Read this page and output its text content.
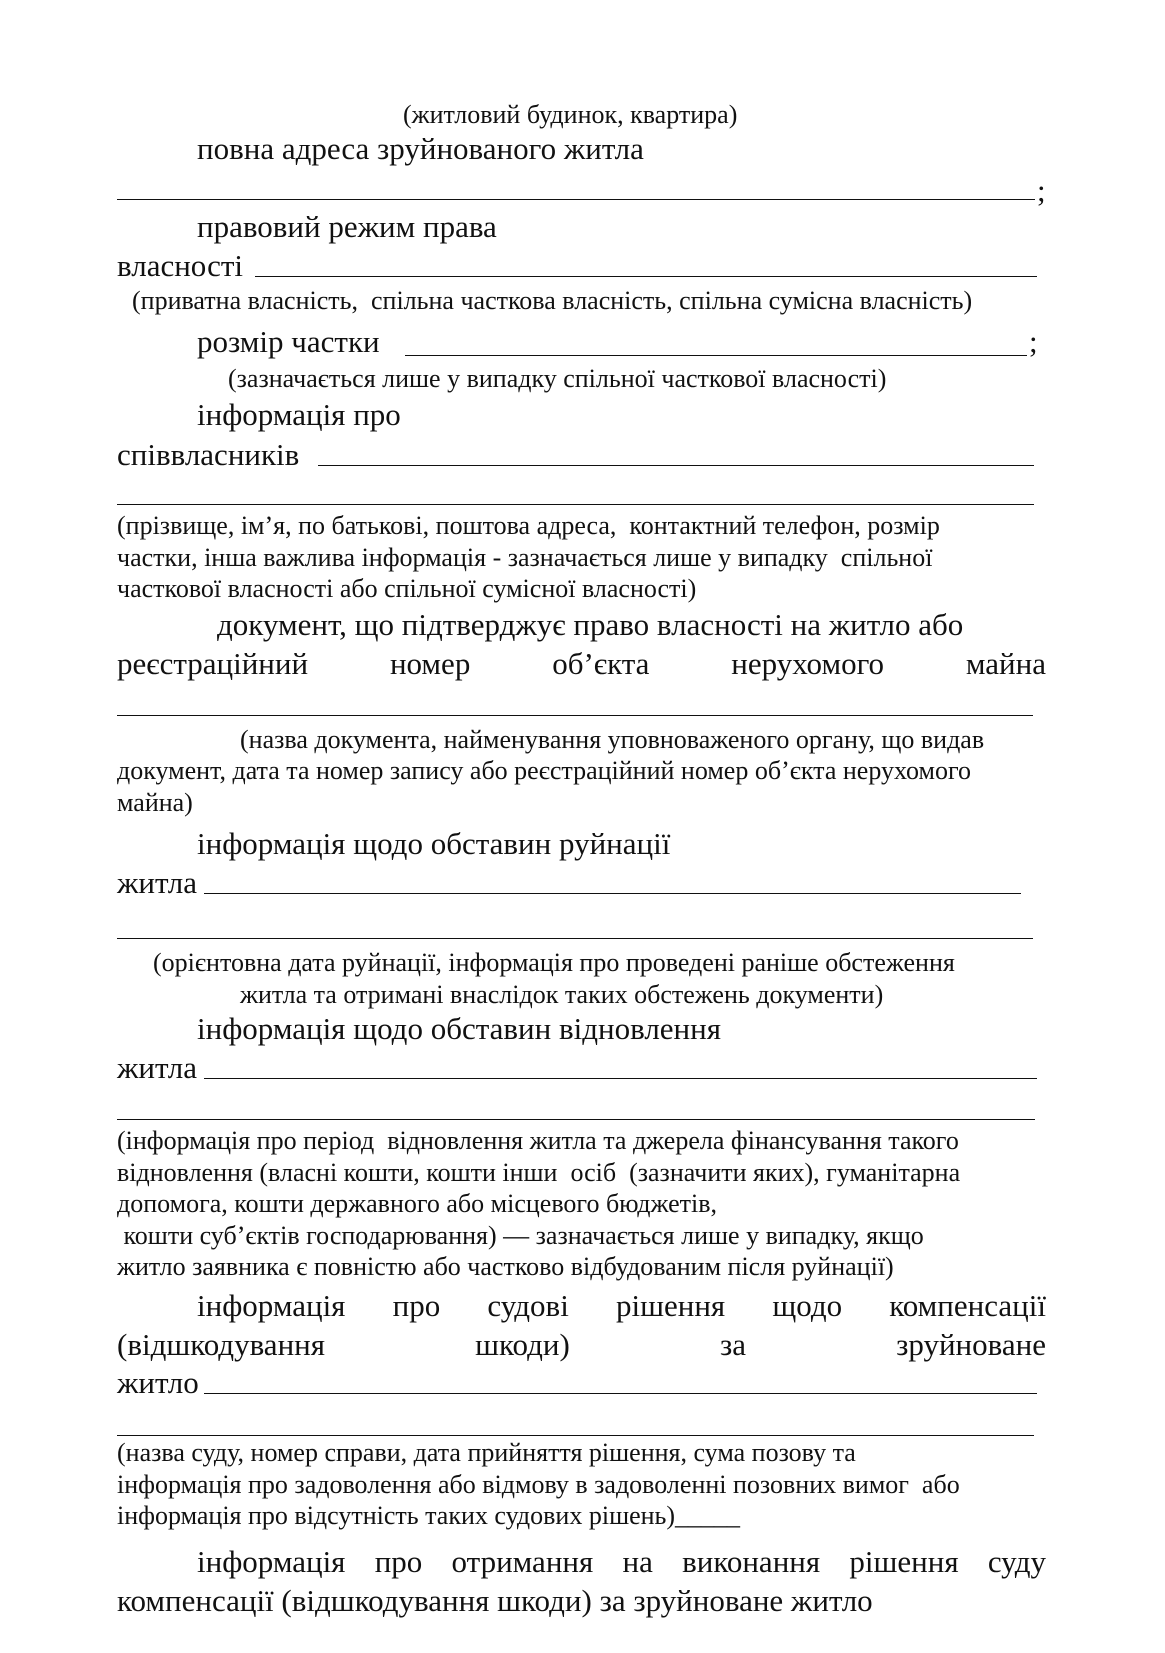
(житловий будинок, квартира)
повна адреса зруйнованого житла
;
правовий режим права
власності
(приватна власність,  спільна часткова власність, спільна сумісна власність)
розмір частки	;
(зазначається лише у випадку спільної часткової власності)
інформація про
співвласників
(прізвище, ім’я, по батькові, поштова адреса,  контактний телефон, розмір
частки, інша важлива інформація - зазначається лише у випадку  спільної
часткової власності або спільної сумісної власності)
документ, що підтверджує право власності на житло або
реєстраційний	номер	об’єкта	нерухомого	майна
(назва документа, найменування уповноваженого органу, що видав
документ, дата та номер запису або реєстраційний номер об’єкта нерухомого
майна)
інформація щодо обставин руйнації
житла
(орієнтовна дата руйнації, інформація про проведені раніше обстеження
житла та отримані внаслідок таких обстежень документи)
інформація щодо обставин відновлення
житла
(інформація про період  відновлення житла та джерела фінансування такого
відновлення (власні кошти, кошти інши  осіб  (зазначити яких), гуманітарна
допомога, кошти державного або місцевого бюджетів,
кошти суб’єктів господарювання) — зазначається лише у випадку, якщо
житло заявника є повністю або частково відбудованим після руйнації)
інформація про судові рішення щодо компенсації
(відшкодування	шкоди)	за	зруйноване
житло
(назва суду, номер справи, дата прийняття рішення, сума позову та
інформація про задоволення або відмову в задоволенні позовних вимог  або
інформація про відсутність таких судових рішень)_____
інформація про отримання на виконання рішення суду
компенсації (відшкодування шкоди) за зруйноване житло
